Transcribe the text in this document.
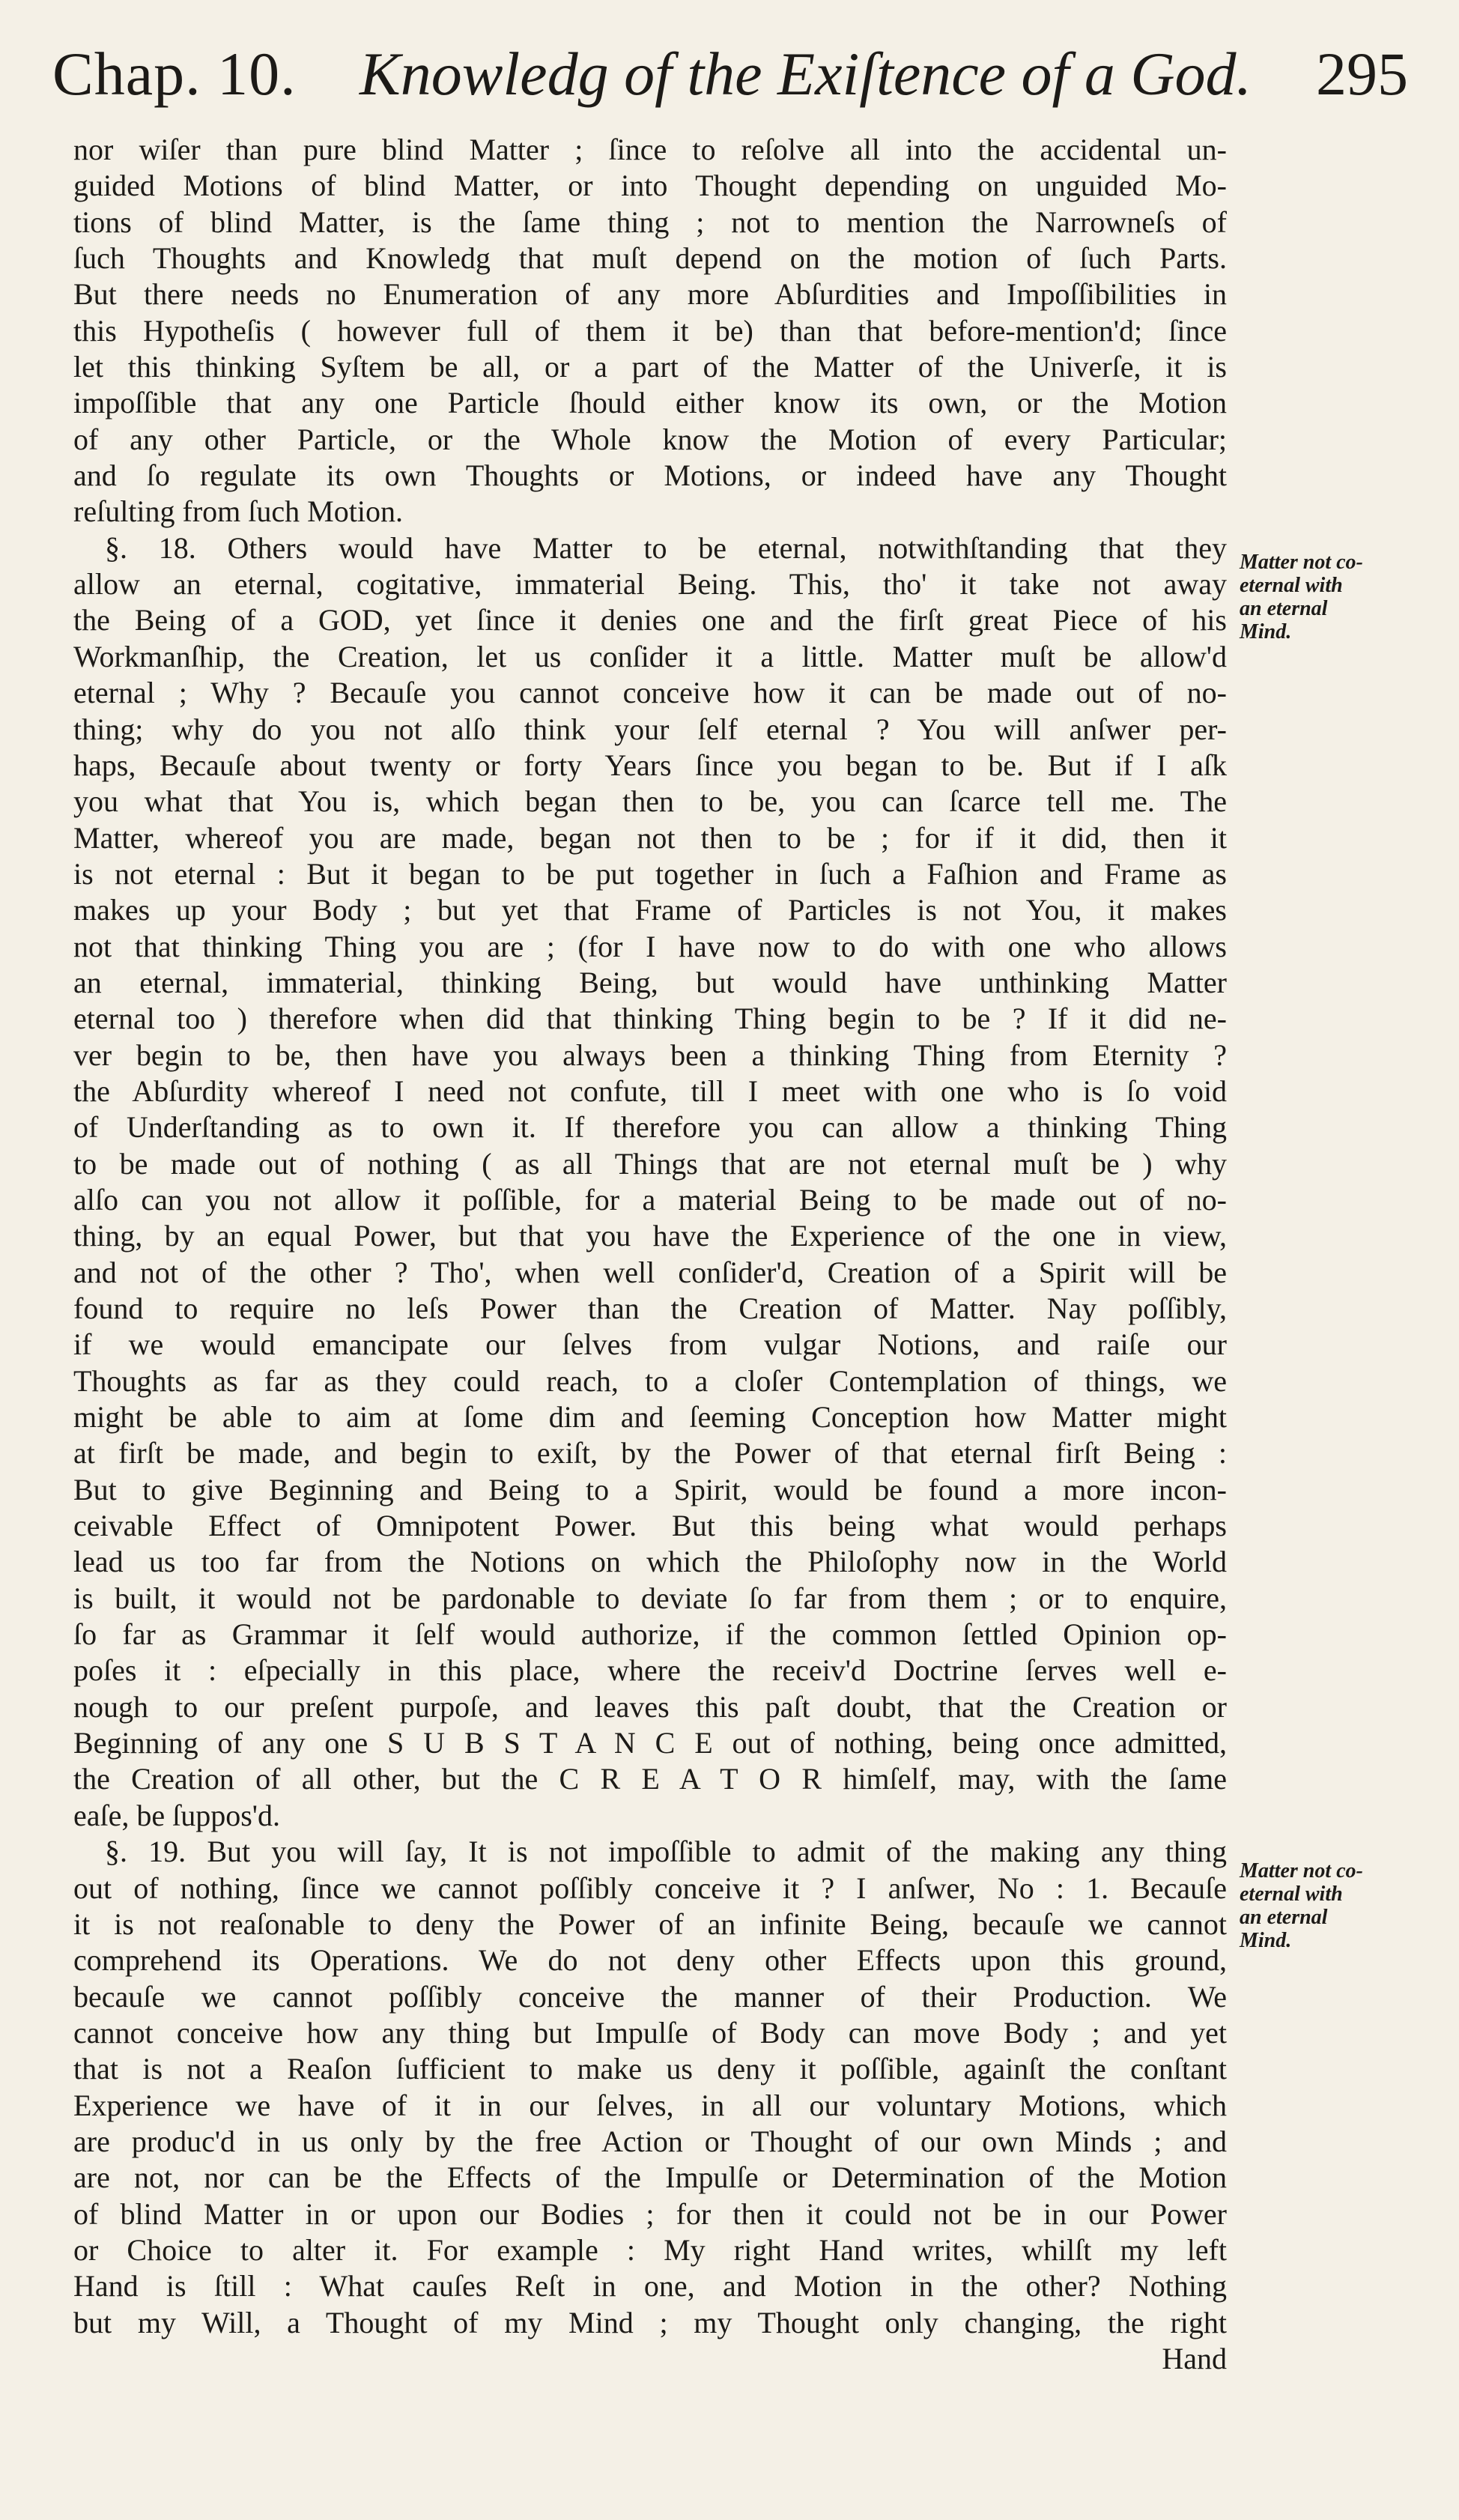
Chap. 10. Knowledg of the Exiſtence of a God. 295
nor wiſer than pure blind Matter ; ſince to reſolve all into the accidental un-
guided Motions of blind Matter, or into Thought depending on unguided Mo-
tions of blind Matter, is the ſame thing ; not to mention the Narrowneſs of
ſuch Thoughts and Knowledg that muſt depend on the motion of ſuch Parts.
But there needs no Enumeration of any more Abſurdities and Impoſſibilities in
this Hypotheſis ( however full of them it be) than that before-mention'd; ſince
let this thinking Syſtem be all, or a part of the Matter of the Univerſe, it is
impoſſible that any one Particle ſhould either know its own, or the Motion
of any other Particle, or the Whole know the Motion of every Particular;
and ſo regulate its own Thoughts or Motions, or indeed have any Thought
reſulting from ſuch Motion.
§. 18. Others would have Matter to be eternal, notwithſtanding that they
allow an eternal, cogitative, immaterial Being. This, tho' it take not away
the Being of a GOD, yet ſince it denies one and the firſt great Piece of his
Workmanſhip, the Creation, let us conſider it a little. Matter muſt be allow'd
eternal ; Why ? Becauſe you cannot conceive how it can be made out of no-
thing; why do you not alſo think your ſelf eternal ? You will anſwer per-
haps, Becauſe about twenty or forty Years ſince you began to be. But if I aſk
you what that You is, which began then to be, you can ſcarce tell me. The
Matter, whereof you are made, began not then to be ; for if it did, then it
is not eternal : But it began to be put together in ſuch a Faſhion and Frame as
makes up your Body ; but yet that Frame of Particles is not You, it makes
not that thinking Thing you are ; (for I have now to do with one who allows
an eternal, immaterial, thinking Being, but would have unthinking Matter
eternal too ) therefore when did that thinking Thing begin to be ? If it did ne-
ver begin to be, then have you always been a thinking Thing from Eternity ?
the Abſurdity whereof I need not confute, till I meet with one who is ſo void
of Underſtanding as to own it. If therefore you can allow a thinking Thing
to be made out of nothing ( as all Things that are not eternal muſt be ) why
alſo can you not allow it poſſible, for a material Being to be made out of no-
thing, by an equal Power, but that you have the Experience of the one in view,
and not of the other ? Tho', when well conſider'd, Creation of a Spirit will be
found to require no leſs Power than the Creation of Matter. Nay poſſibly,
if we would emancipate our ſelves from vulgar Notions, and raiſe our
Thoughts as far as they could reach, to a cloſer Contemplation of things, we
might be able to aim at ſome dim and ſeeming Conception how Matter might
at firſt be made, and begin to exiſt, by the Power of that eternal firſt Being :
But to give Beginning and Being to a Spirit, would be found a more incon-
ceivable Effect of Omnipotent Power. But this being what would perhaps
lead us too far from the Notions on which the Philoſophy now in the World
is built, it would not be pardonable to deviate ſo far from them ; or to enquire,
ſo far as Grammar it ſelf would authorize, if the common ſettled Opinion op-
poſes it : eſpecially in this place, where the receiv'd Doctrine ſerves well e-
nough to our preſent purpoſe, and leaves this paſt doubt, that the Creation or
Beginning of any one S U B S T A N C E out of nothing, being once admitted,
the Creation of all other, but the C R E A T O R himſelf, may, with the ſame
eaſe, be ſuppos'd.
§. 19. But you will ſay, It is not impoſſible to admit of the making any thing
out of nothing, ſince we cannot poſſibly conceive it ? I anſwer, No : 1. Becauſe
it is not reaſonable to deny the Power of an infinite Being, becauſe we cannot
comprehend its Operations. We do not deny other Effects upon this ground,
becauſe we cannot poſſibly conceive the manner of their Production. We
cannot conceive how any thing but Impulſe of Body can move Body ; and yet
that is not a Reaſon ſufficient to make us deny it poſſible, againſt the conſtant
Experience we have of it in our ſelves, in all our voluntary Motions, which
are produc'd in us only by the free Action or Thought of our own Minds ; and
are not, nor can be the Effects of the Impulſe or Determination of the Motion
of blind Matter in or upon our Bodies ; for then it could not be in our Power
or Choice to alter it. For example : My right Hand writes, whilſt my left
Hand is ſtill : What cauſes Reſt in one, and Motion in the other? Nothing
but my Will, a Thought of my Mind ; my Thought only changing, the right
Hand
Matter not co-
eternal with
an eternal
Mind.
Matter not co-
eternal with
an eternal
Mind.
